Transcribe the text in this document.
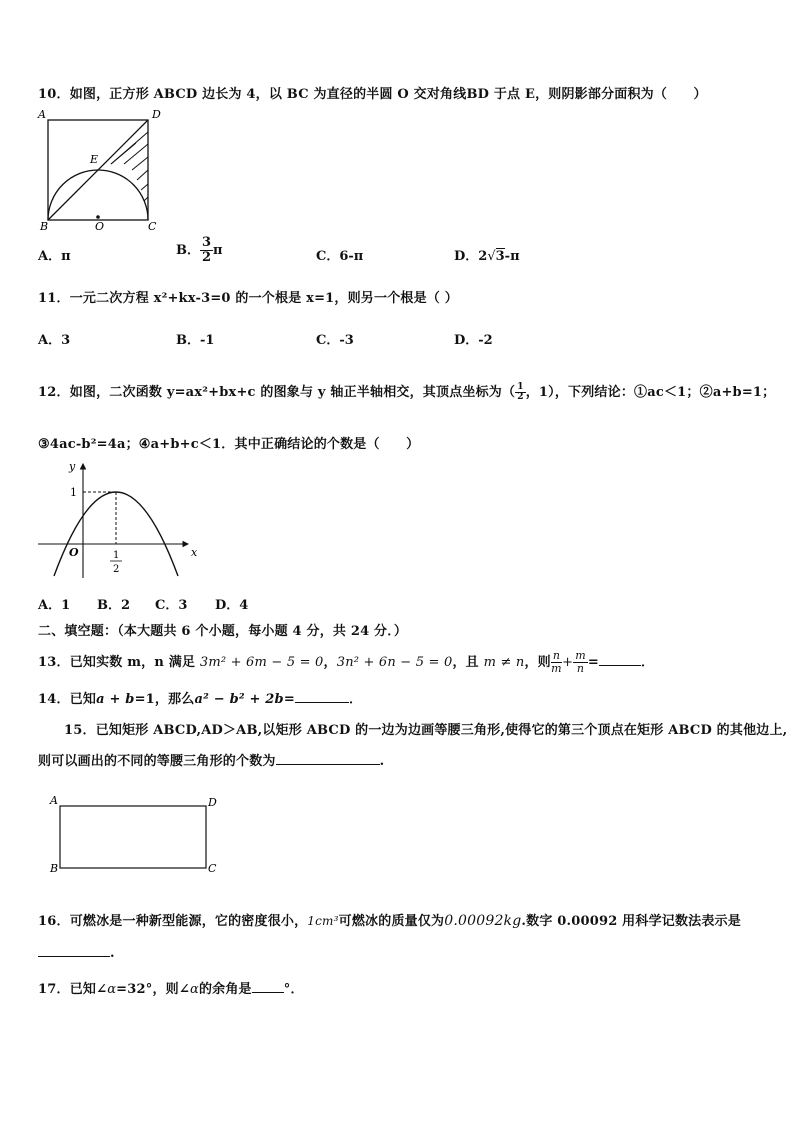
10．如图，正方形 ABCD 边长为 4，以 BC 为直径的半圆 O 交对角线BD 于点 E，则阴影部分面积为（　　）
A	D
B	C
E
O
A．π	B． $\frac{3}{2}$ π	C．6-π	D．2√3-π
11．一元二次方程 x²+kx-3=0 的一个根是 x=1，则另一个根是（ ）
A．3	B．-1	C．-3	D．-2
12．如图，二次函数 y=ax²+bx+c 的图象与 y 轴正半轴相交，其顶点坐标为（ $\frac{1}{2}$ ，1），下列结论：①ac＜1；②a+b=1；
③4ac-b²=4a；④a+b+c＜1．其中正确结论的个数是（　　）
y
x
O
1
1
2
A．1 B．2 C．3 D．4
二、填空题：（本大题共 6 个小题，每小题 4 分，共 24 分．）
13．已知实数 m，n 满足 3m² + 6m − 5 = 0，3n² + 6n − 5 = 0，且 m ≠ n，则 $\frac{n}{m} + \frac{m}{n}$ =	．
14．已知a + b=1，那么a² − b² + 2b=	．
15．已知矩形 ABCD,AD＞AB,以矩形 ABCD 的一边为边画等腰三角形,使得它的第三个顶点在矩形 ABCD 的其他边上,
则可以画出的不同的等腰三角形的个数为	.
A	D
B	C
16．可燃冰是一种新型能源，它的密度很小，1cm³可燃冰的质量仅为0.00092kg.数字 0.00092 用科学记数法表示是
.
17．已知∠α=32°，则∠α的余角是 °．
